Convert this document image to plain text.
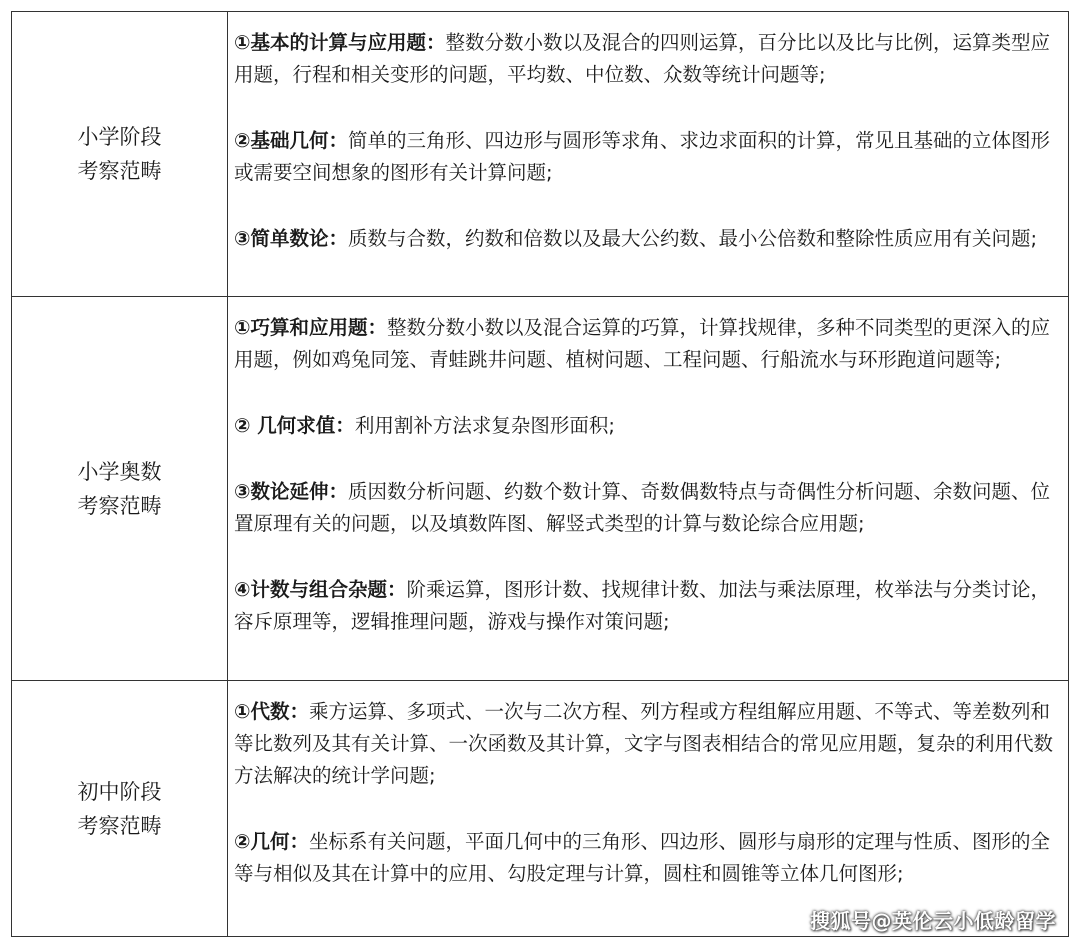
小学阶段
考察范畴
①基本的计算与应用题：整数分数小数以及混合的四则运算，百分比以及比与比例，运算类型应用题，行程和相关变形的问题，平均数、中位数、众数等统计问题等;
②基础几何：简单的三角形、四边形与圆形等求角、求边求面积的计算，常见且基础的立体图形或需要空间想象的图形有关计算问题;
③简单数论：质数与合数，约数和倍数以及最大公约数、最小公倍数和整除性质应用有关问题;
小学奥数
考察范畴
①巧算和应用题：整数分数小数以及混合运算的巧算，计算找规律，多种不同类型的更深入的应用题，例如鸡兔同笼、青蛙跳井问题、植树问题、工程问题、行船流水与环形跑道问题等;
② 几何求值：利用割补方法求复杂图形面积;
③数论延伸：质因数分析问题、约数个数计算、奇数偶数特点与奇偶性分析问题、余数问题、位置原理有关的问题，以及填数阵图、解竖式类型的计算与数论综合应用题;
④计数与组合杂题：阶乘运算，图形计数、找规律计数、加法与乘法原理，枚举法与分类讨论，容斥原理等，逻辑推理问题，游戏与操作对策问题;
初中阶段
考察范畴
①代数：乘方运算、多项式、一次与二次方程、列方程或方程组解应用题、不等式、等差数列和等比数列及其有关计算、一次函数及其计算，文字与图表相结合的常见应用题，复杂的利用代数方法解决的统计学问题;
②几何：坐标系有关问题，平面几何中的三角形、四边形、圆形与扇形的定理与性质、图形的全等与相似及其在计算中的应用、勾股定理与计算，圆柱和圆锥等立体几何图形;
搜狐号@英伦云小低龄留学
